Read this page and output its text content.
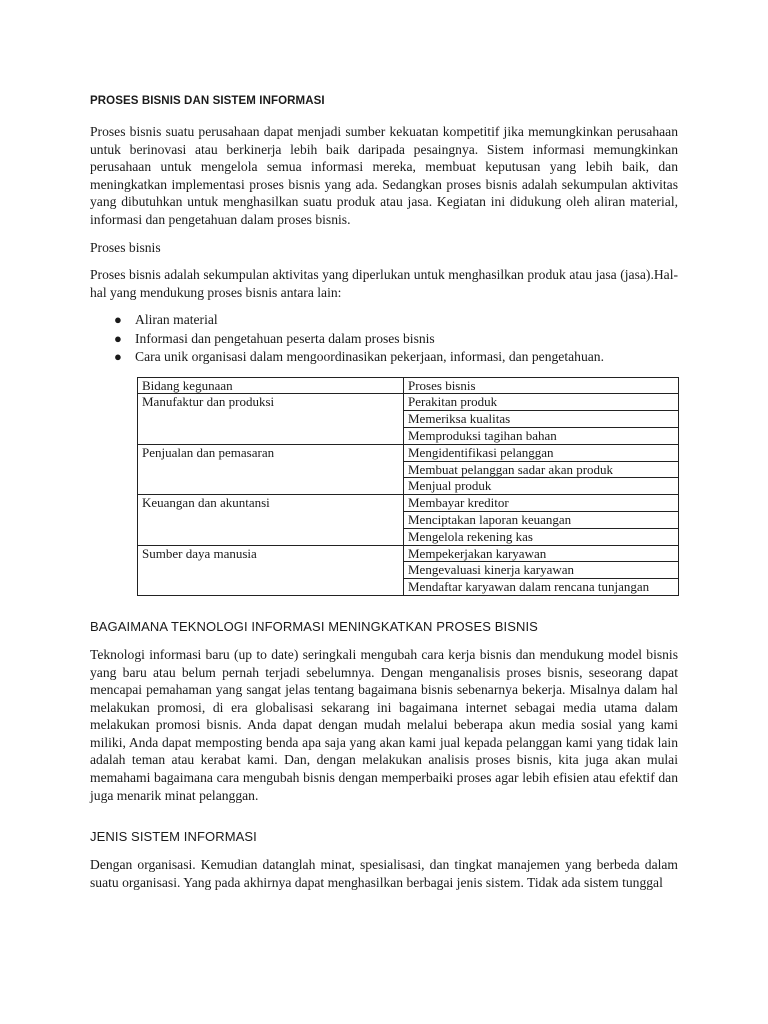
PROSES BISNIS DAN SISTEM INFORMASI

Proses bisnis suatu perusahaan dapat menjadi sumber kekuatan kompetitif jika memungkinkan perusahaan untuk berinovasi atau berkinerja lebih baik daripada pesaingnya. Sistem informasi memungkinkan perusahaan untuk mengelola semua informasi mereka, membuat keputusan yang lebih baik, dan meningkatkan implementasi proses bisnis yang ada. Sedangkan proses bisnis adalah sekumpulan aktivitas yang dibutuhkan untuk menghasilkan suatu produk atau jasa. Kegiatan ini didukung oleh aliran material, informasi dan pengetahuan dalam proses bisnis.

Proses bisnis

Proses bisnis adalah sekumpulan aktivitas yang diperlukan untuk menghasilkan produk atau jasa (jasa).Hal-hal yang mendukung proses bisnis antara lain:

● Aliran material
● Informasi dan pengetahuan peserta dalam proses bisnis
● Cara unik organisasi dalam mengoordinasikan pekerjaan, informasi, dan pengetahuan.
Bidang kegunaan	Proses bisnis
Manufaktur dan produksi	Perakitan produk
	Memeriksa kualitas
	Memproduksi tagihan bahan
Penjualan dan pemasaran	Mengidentifikasi pelanggan
	Membuat pelanggan sadar akan produk
	Menjual produk
Keuangan dan akuntansi	Membayar kreditor
	Menciptakan laporan keuangan
	Mengelola rekening kas
Sumber daya manusia	Mempekerjakan karyawan
	Mengevaluasi kinerja karyawan
	Mendaftar karyawan dalam rencana tunjangan
BAGAIMANA TEKNOLOGI INFORMASI MENINGKATKAN PROSES BISNIS

Teknologi informasi baru (up to date) seringkali mengubah cara kerja bisnis dan mendukung model bisnis yang baru atau belum pernah terjadi sebelumnya. Dengan menganalisis proses bisnis, seseorang dapat mencapai pemahaman yang sangat jelas tentang bagaimana bisnis sebenarnya bekerja. Misalnya dalam hal melakukan promosi, di era globalisasi sekarang ini bagaimana internet sebagai media utama dalam melakukan promosi bisnis. Anda dapat dengan mudah melalui beberapa akun media sosial yang kami miliki, Anda dapat memposting benda apa saja yang akan kami jual kepada pelanggan kami yang tidak lain adalah teman atau kerabat kami. Dan, dengan melakukan analisis proses bisnis, kita juga akan mulai memahami bagaimana cara mengubah bisnis dengan memperbaiki proses agar lebih efisien atau efektif dan juga menarik minat pelanggan.

JENIS SISTEM INFORMASI

Dengan organisasi. Kemudian datanglah minat, spesialisasi, dan tingkat manajemen yang berbeda dalam suatu organisasi. Yang pada akhirnya dapat menghasilkan berbagai jenis sistem. Tidak ada sistem tunggal
